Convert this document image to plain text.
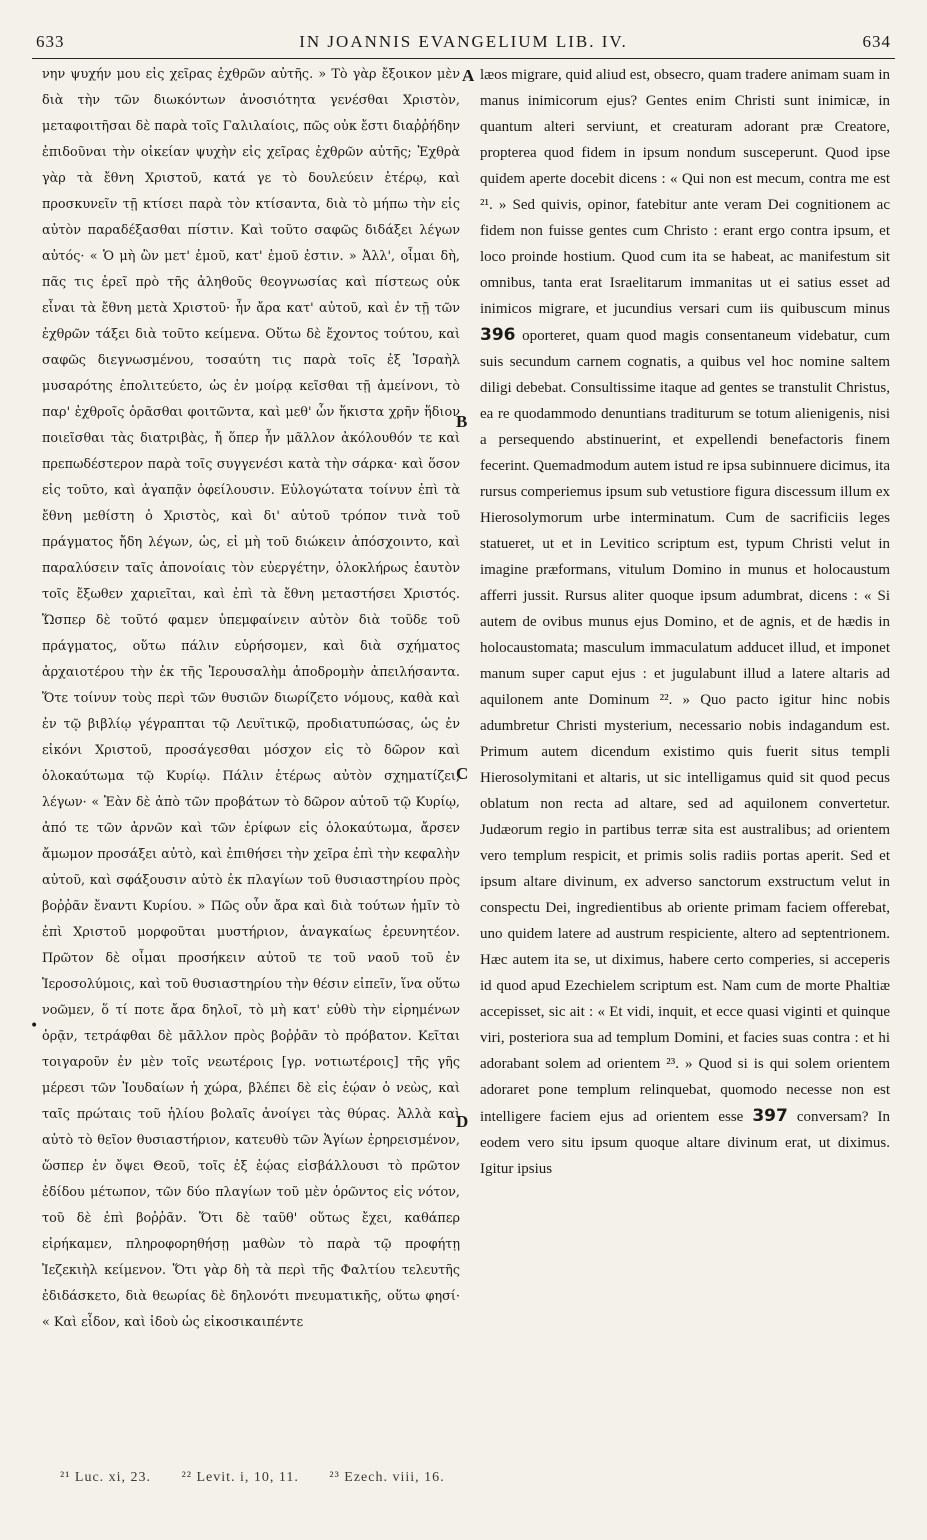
633	IN JOANNIS EVANGELIUM LIB. IV.	634

νην ψυχήν μου εἰς χεῖρας ἐχθρῶν αὐτῆς. » Τὸ γὰρ ἔξοικον μὲν διὰ τὴν τῶν διωκόντων ἀνοσιότητα γενέσθαι Χριστὸν, μεταφοιτῆσαι δὲ παρὰ τοῖς Γαλιλαίοις, πῶς οὐκ ἔστι διαῤῥήδην ἐπιδοῦναι τὴν οἰκείαν ψυχὴν εἰς χεῖρας ἐχθρῶν αὐτῆς; Ἐχθρὰ γὰρ τὰ ἔθνη Χριστοῦ, κατά γε τὸ δουλεύειν ἑτέρῳ, καὶ προσκυνεῖν τῇ κτίσει παρὰ τὸν κτίσαντα, διὰ τὸ μήπω τὴν εἰς αὐτὸν παραδέξασθαι πίστιν. Καὶ τοῦτο σαφῶς διδάξει λέγων αὐτός· « Ὁ μὴ ὢν μετ' ἐμοῦ, κατ' ἐμοῦ ἐστιν. » Ἀλλ', οἶμαι δὴ, πᾶς τις ἐρεῖ πρὸ τῆς ἀληθοῦς θεογνωσίας καὶ πίστεως οὐκ εἶναι τὰ ἔθνη μετὰ Χριστοῦ· ἦν ἄρα κατ' αὐτοῦ, καὶ ἐν τῇ τῶν ἐχθρῶν τάξει διὰ τοῦτο κείμενα. Οὕτω δὲ ἔχοντος τούτου, καὶ σαφῶς διεγνωσμένου, τοσαύτη τις παρὰ τοῖς ἐξ Ἰσραὴλ μυσαρότης ἐπολιτεύετο, ὡς ἐν μοίρᾳ κεῖσθαι τῇ ἀμείνονι, τὸ παρ' ἐχθροῖς ὁρᾶσθαι φοιτῶντα, καὶ μεθ' ὧν ἥκιστα χρῆν ἥδιον ποιεῖσθαι τὰς διατριβὰς, ἤ ὅπερ ἦν μᾶλλον ἀκόλουθόν τε καὶ πρεπωδέστερον παρὰ τοῖς συγγενέσι κατὰ τὴν σάρκα· καὶ ὅσον εἰς τοῦτο, καὶ ἀγαπᾷν ὀφείλουσιν. Εὐλογώτατα τοίνυν ἐπὶ τὰ ἔθνη μεθίστη ὁ Χριστὸς, καὶ δι' αὐτοῦ τρόπον τινὰ τοῦ πράγματος ἤδη λέγων, ὡς, εἰ μὴ τοῦ διώκειν ἀπόσχοιντο, καὶ παραλύσειν ταῖς ἀπονοίαις τὸν εὐεργέτην, ὁλοκλήρως ἑαυτὸν τοῖς ἔξωθεν χαριεῖται, καὶ ἐπὶ τὰ ἔθνη μεταστήσει Χριστός. Ὥσπερ δὲ τοῦτό φαμεν ὑπεμφαίνειν αὐτὸν διὰ τοῦδε τοῦ πράγματος, οὕτω πάλιν εὑρήσομεν, καὶ διὰ σχήματος ἀρχαιοτέρου τὴν ἐκ τῆς Ἱερουσαλὴμ ἀποδρομὴν ἀπειλήσαντα. Ὅτε τοίνυν τοὺς περὶ τῶν θυσιῶν διωρίζετο νόμους, καθὰ καὶ ἐν τῷ βιβλίῳ γέγραπται τῷ Λευϊτικῷ, προδιατυπώσας, ὡς ἐν εἰκόνι Χριστοῦ, προσάγεσθαι μόσχον εἰς τὸ δῶρον καὶ ὁλοκαύτωμα τῷ Κυρίῳ. Πάλιν ἑτέρως αὐτὸν σχηματίζει, λέγων· « Ἐὰν δὲ ἀπὸ τῶν προβάτων τὸ δῶρον αὐτοῦ τῷ Κυρίῳ, ἀπό τε τῶν ἀρνῶν καὶ τῶν ἐρίφων εἰς ὁλοκαύτωμα, ἄρσεν ἄμωμον προσάξει αὐτὸ, καὶ ἐπιθήσει τὴν χεῖρα ἐπὶ τὴν κεφαλὴν αὐτοῦ, καὶ σφάξουσιν αὐτὸ ἐκ πλαγίων τοῦ θυσιαστηρίου πρὸς βοῤῥᾶν ἔναντι Κυρίου. » Πῶς οὖν ἄρα καὶ διὰ τούτων ἡμῖν τὸ ἐπὶ Χριστοῦ μορφοῦται μυστήριον, ἀναγκαίως ἐρευνητέον. Πρῶτον δὲ οἶμαι προσήκειν αὐτοῦ τε τοῦ ναοῦ τοῦ ἐν Ἱεροσολύμοις, καὶ τοῦ θυσιαστηρίου τὴν θέσιν εἰπεῖν, ἵνα οὕτω νοῶμεν, ὅ τί ποτε ἄρα δηλοῖ, τὸ μὴ κατ' εὐθὺ τὴν εἰρημένων ὁρᾷν, τετράφθαι δὲ μᾶλλον πρὸς βοῤῥᾶν τὸ πρόβατον. Κεῖται τοιγαροῦν ἐν μὲν τοῖς νεωτέροις [γρ. νοτιωτέροις] τῆς γῆς μέρεσι τῶν Ἰουδαίων ἡ χώρα, βλέπει δὲ εἰς ἑῴαν ὁ νεὼς, καὶ ταῖς πρώταις τοῦ ἡλίου βολαῖς ἀνοίγει τὰς θύρας. Ἀλλὰ καὶ αὐτὸ τὸ θεῖον θυσιαστήριον, κατευθὺ τῶν Ἁγίων ἐρηρεισμένον, ὥσπερ ἐν ὄψει Θεοῦ, τοῖς ἐξ ἑῴας εἰσβάλλουσι τὸ πρῶτον ἐδίδου μέτωπον, τῶν δύο πλαγίων τοῦ μὲν ὁρῶντος εἰς νότον, τοῦ δὲ ἐπὶ βοῤῥᾶν. Ὅτι δὲ ταῦθ' οὕτως ἔχει, καθάπερ εἰρήκαμεν, πληροφορηθήσῃ μαθὼν τὸ παρὰ τῷ προφήτῃ Ἰεζεκιὴλ κείμενον. Ὅτι γὰρ δὴ τὰ περὶ τῆς Φαλτίου τελευτῆς ἐδιδάσκετο, διὰ θεωρίας δὲ δηλονότι πνευματικῆς, οὕτω φησί· « Καὶ εἶδον, καὶ ἰδοὺ ὡς εἰκοσικαιπέντε

A
B
C
D

læos migrare, quid aliud est, obsecro, quam tradere animam suam in manus inimicorum ejus? Gentes enim Christi sunt inimicæ, in quantum alteri serviunt, et creaturam adorant præ Creatore, propterea quod fidem in ipsum nondum susceperunt. Quod ipse quidem aperte docebit dicens : « Qui non est mecum, contra me est ²¹. » Sed quivis, opinor, fatebitur ante veram Dei cognitionem ac fidem non fuisse gentes cum Christo : erant ergo contra ipsum, et loco proinde hostium. Quod cum ita se habeat, ac manifestum sit omnibus, tanta erat Israelitarum immanitas ut ei satius esset ad inimicos migrare, et jucundius versari cum iis quibuscum minus 396 oporteret, quam quod magis consentaneum videbatur, cum suis secundum carnem cognatis, a quibus vel hoc nomine saltem diligi debebat. Consultissime itaque ad gentes se transtulit Christus, ea re quodammodo denuntians traditurum se totum alienigenis, nisi a persequendo abstinuerint, et expellendi benefactoris finem fecerint. Quemadmodum autem istud re ipsa subinnuere dicimus, ita rursus comperiemus ipsum sub vetustiore figura discessum illum ex Hierosolymorum urbe interminatum. Cum de sacrificiis leges statueret, ut et in Levitico scriptum est, typum Christi velut in imagine præformans, vitulum Domino in munus et holocaustum afferri jussit. Rursus aliter quoque ipsum adumbrat, dicens : « Si autem de ovibus munus ejus Domino, et de agnis, et de hædis in holocaustomata; masculum immaculatum adducet illud, et imponet manum super caput ejus : et jugulabunt illud a latere altaris ad aquilonem ante Dominum ²². » Quo pacto igitur hinc nobis adumbretur Christi mysterium, necessario nobis indagandum est. Primum autem dicendum existimo quis fuerit situs templi Hierosolymitani et altaris, ut sic intelligamus quid sit quod pecus oblatum non recta ad altare, sed ad aquilonem convertetur. Judæorum regio in partibus terræ sita est australibus; ad orientem vero templum respicit, et primis solis radiis portas aperit. Sed et ipsum altare divinum, ex adverso sanctorum exstructum velut in conspectu Dei, ingredientibus ab oriente primam faciem offerebat, uno quidem latere ad austrum respiciente, altero ad septentrionem. Hæc autem ita se, ut diximus, habere certo comperies, si acceperis id quod apud Ezechielem scriptum est. Nam cum de morte Phaltiæ accepisset, sic ait : « Et vidi, inquit, et ecce quasi viginti et quinque viri, posteriora sua ad templum Domini, et facies suas contra : et hi adorabant solem ad orientem ²³. » Quod si is qui solem orientem adoraret pone templum relinquebat, quomodo necesse non est intelligere faciem ejus ad orientem esse 397 conversam? In eodem vero situ ipsum quoque altare divinum erat, ut diximus. Igitur ipsius

•
²¹ Luc. xi, 23. ²² Levit. i, 10, 11. ²³ Ezech. viii, 16.
